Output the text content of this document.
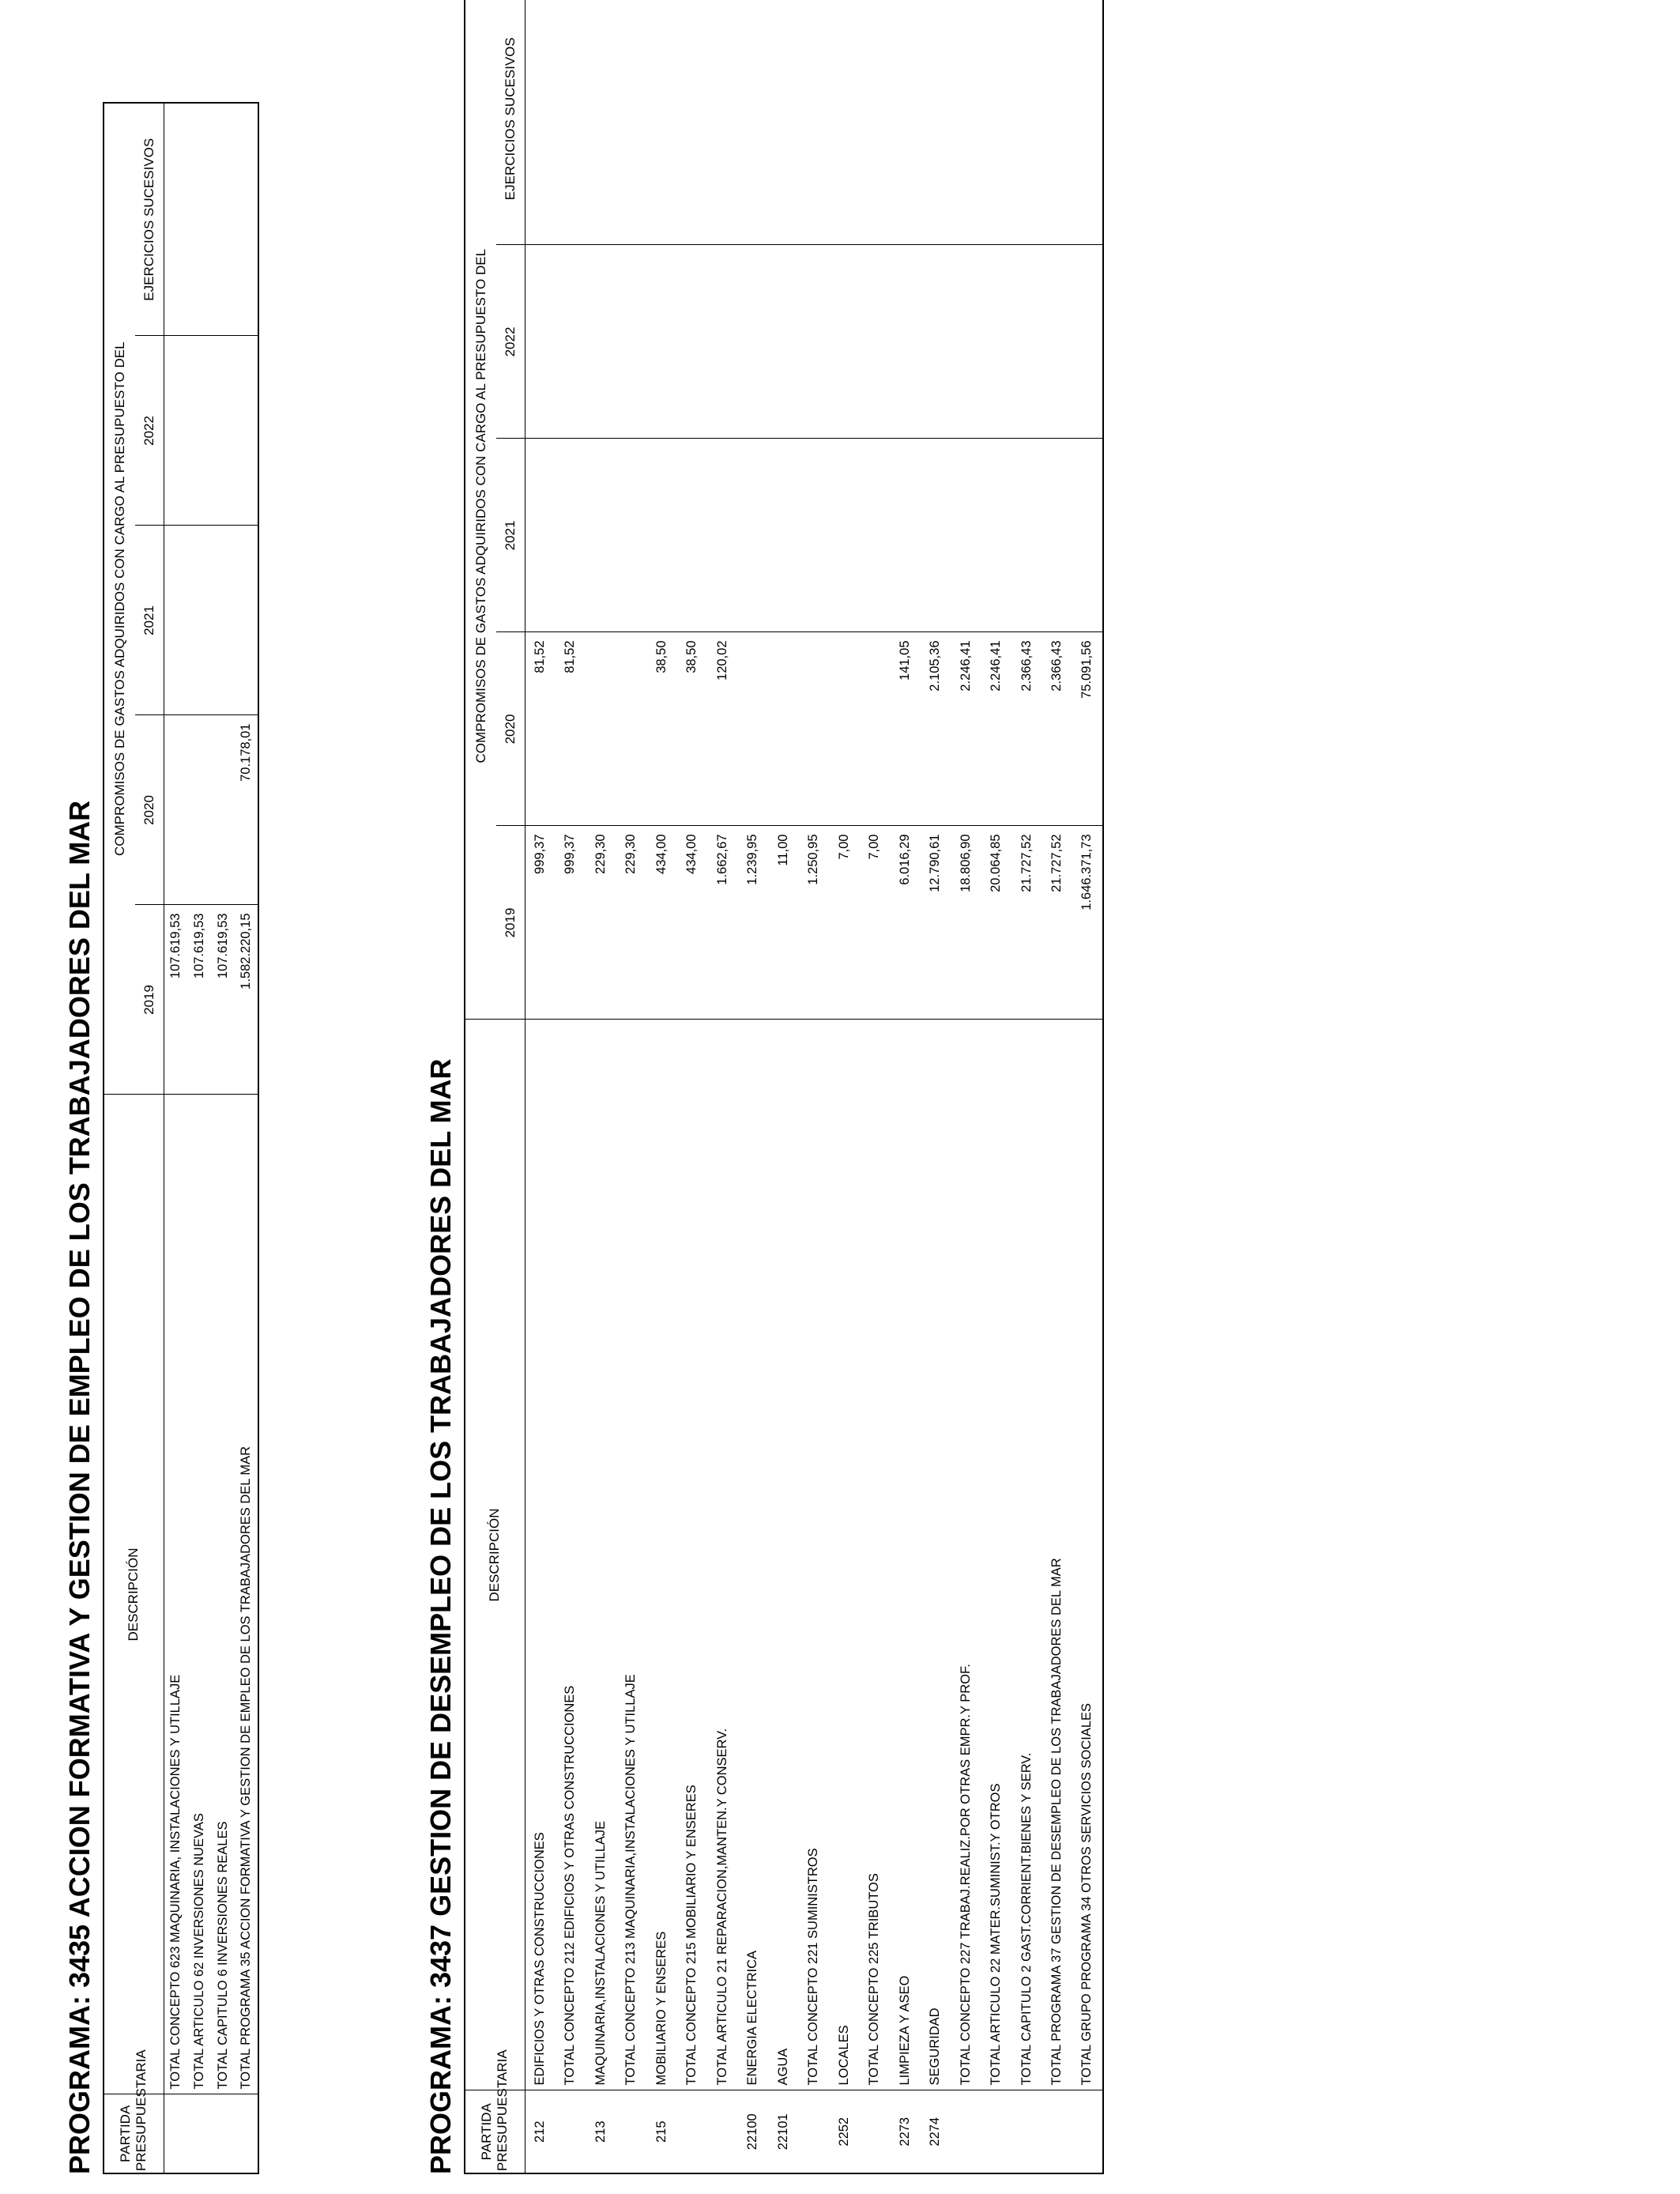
PROGRAMA: 3435 ACCION FORMATIVA Y GESTION DE EMPLEO DE LOS TRABAJADORES DEL MAR PARTIDA
PRESUPUESTARIA	DESCRIPCIÓN	COMPROMISOS DE GASTOS ADQUIRIDOS CON CARGO AL PRESUPUESTO DEL				
		2019	2020	2021	2022	EJERCICIOS SUCESIVOS
	TOTAL CONCEPTO 623 MAQUINARIA, INSTALACIONES Y UTILLAJE	107.619,53				
	TOTAL ARTICULO 62 INVERSIONES NUEVAS	107.619,53				
	TOTAL CAPITULO 6 INVERSIONES REALES	107.619,53				
	TOTAL PROGRAMA 35 ACCION FORMATIVA Y GESTION DE EMPLEO DE LOS TRABAJADORES DEL MAR	1.582.220,15	70.178,01			
PROGRAMA: 3437 GESTION DE DESEMPLEO DE LOS TRABAJADORES DEL MAR PARTIDA
PRESUPUESTARIA	DESCRIPCIÓN	COMPROMISOS DE GASTOS ADQUIRIDOS CON CARGO AL PRESUPUESTO DEL				
		2019	2020	2021	2022	EJERCICIOS SUCESIVOS
212	EDIFICIOS Y OTRAS CONSTRUCCIONES	999,37	81,52			
	TOTAL CONCEPTO 212 EDIFICIOS Y OTRAS CONSTRUCCIONES	999,37	81,52			
213	MAQUINARIA,INSTALACIONES Y UTILLAJE	229,30				
	TOTAL CONCEPTO 213 MAQUINARIA,INSTALACIONES Y UTILLAJE	229,30				
215	MOBILIARIO Y ENSERES	434,00	38,50			
	TOTAL CONCEPTO 215 MOBILIARIO Y ENSERES	434,00	38,50			
	TOTAL ARTICULO 21 REPARACION,MANTEN.Y CONSERV.	1.662,67	120,02			
22100	ENERGIA ELECTRICA	1.239,95				
22101	AGUA	11,00				
	TOTAL CONCEPTO 221 SUMINISTROS	1.250,95				
2252	LOCALES	7,00				
	TOTAL CONCEPTO 225 TRIBUTOS	7,00				
2273	LIMPIEZA Y ASEO	6.016,29	141,05			
2274	SEGURIDAD	12.790,61	2.105,36			
	TOTAL CONCEPTO 227 TRABAJ.REALIZ.POR OTRAS EMPR.Y PROF.	18.806,90	2.246,41			
	TOTAL ARTICULO 22 MATER.SUMINIST.Y OTROS	20.064,85	2.246,41			
	TOTAL CAPITULO 2 GAST.CORRIENT.BIENES Y SERV.	21.727,52	2.366,43			
	TOTAL PROGRAMA 37 GESTION DE DESEMPLEO DE LOS TRABAJADORES DEL MAR	21.727,52	2.366,43			
	TOTAL GRUPO PROGRAMA 34 OTROS SERVICIOS SOCIALES	1.646.371,73	75.091,56			
